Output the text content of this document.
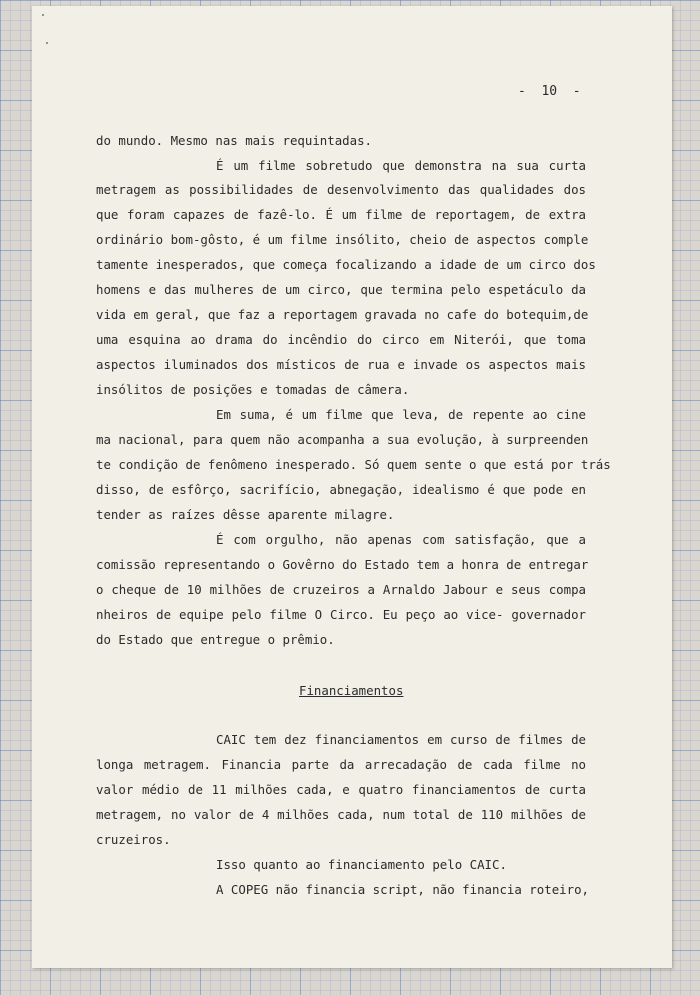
-  10  -
do mundo. Mesmo nas mais requintadas.
É um filme sobretudo que demonstra na sua curta
metragem as possibilidades de desenvolvimento das qualidades dos
que foram capazes de fazê-lo. É um filme de reportagem, de extra
ordinário bom-gôsto, é um filme insólito, cheio de aspectos comple
tamente inesperados, que começa focalizando a idade de um circo dos
homens e das mulheres de um circo, que termina pelo espetáculo da
vida em geral, que faz a reportagem gravada no cafe do botequim,de
uma esquina ao drama do incêndio do circo em Niterói, que toma
aspectos iluminados dos místicos de rua e invade os aspectos mais
insólitos de posições e tomadas de câmera.
Em suma, é um filme que leva, de repente ao cine
ma nacional, para quem não acompanha a sua evolução, à surpreenden
te condição de fenômeno inesperado. Só quem sente o que está por trás
disso, de esfôrço, sacrifício, abnegação, idealismo é que pode en
tender as raízes dêsse aparente milagre.
É com orgulho, não apenas com satisfação, que a
comissão representando o Govêrno do Estado tem a honra de entregar
o cheque de 10 milhões de cruzeiros a Arnaldo Jabour e seus compa
nheiros de equipe pelo filme O Circo. Eu peço ao vice- governador
do Estado que entregue o prêmio.
Financiamentos
CAIC tem dez financiamentos em curso de filmes de
longa metragem. Financia parte da arrecadação de cada filme no
valor médio de 11 milhões cada, e quatro financiamentos de curta
metragem, no valor de 4 milhões cada, num total de 110 milhões de
cruzeiros.
Isso quanto ao financiamento pelo CAIC.
A COPEG não financia script, não financia roteiro,
